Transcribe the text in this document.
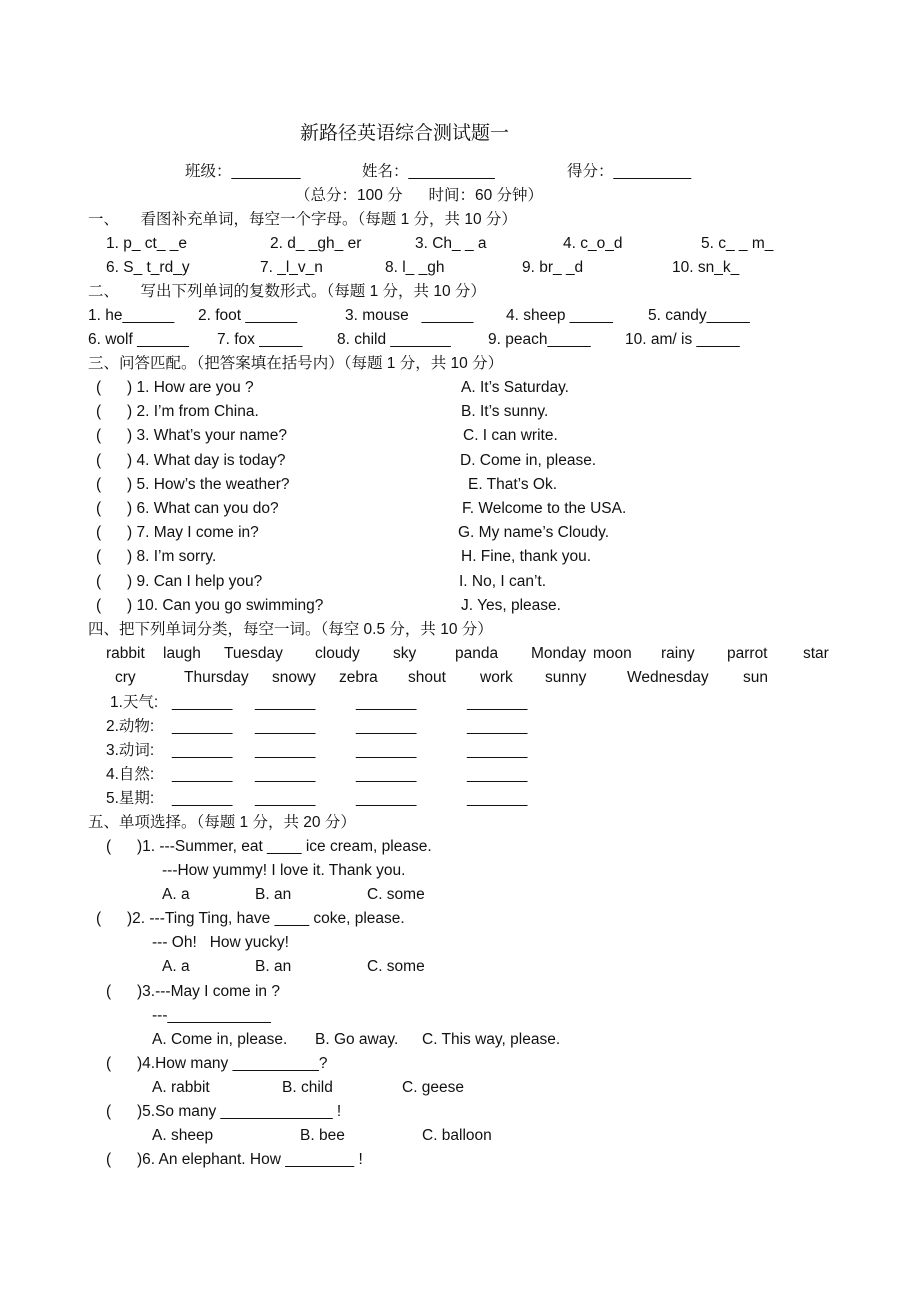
新路径英语综合测试题一
班级：________	姓名：__________	得分：_________
（总分：100 分      时间：60 分钟）
一、     看图补充单词，每空一个字母。（每题 1 分，共 10 分）
二、     写出下列单词的复数形式。（每题 1 分，共 10 分）
三、问答匹配。（把答案填在括号内）（每题 1 分，共 10 分）
四、把下列单词分类，每空一词。（每空 0.5 分，共 10 分）
五、单项选择。（每题 1 分，共 20 分）
1. p_ ct_ _e	2. d_ _gh_ er	3. Ch_ _ a	4. c_o_d	5. c_ _ m_
6. S_ t_rd_y	7. _l_v_n	8. l_ _gh	9. br_ _d	10. sn_k_
1. he______ 2. foot ______	3. mouse   ______ 4. sheep _____ 5. candy_____
6. wolf ______ 7. fox _____ 8. child _______ 9. peach_____ 10. am/ is _____
(      ) 1. How are you ?	A. It’s Saturday.
(      ) 2. I’m from China.	B. It’s sunny.
(      ) 3. What’s your name?	C. I can write.
(      ) 4. What day is today?	D. Come in, please.
(      ) 5. How’s the weather?	E. That’s Ok.
(      ) 6. What can you do?	F. Welcome to the USA.
(      ) 7. May I come in?	G. My name’s Cloudy.
(      ) 8. I’m sorry.	H. Fine, thank you.
(      ) 9. Can I help you?	I. No, I can’t.
(      ) 10. Can you go swimming?	J. Yes, please.
rabbit laugh Tuesday cloudy sky	panda Monday moon rainy parrot star
cry	Thursday snowy zebra shout work sunny	Wednesday sun
1.天气: _______ _______	_______	_______
2.动物: _______ _______	_______	_______
3.动词: _______ _______	_______	_______
4.自然: _______ _______	_______	_______
5.星期: _______ _______	_______	_______
(      )1. ---Summer, eat ____ ice cream, please.
---How yummy! I love it. Thank you.
A. a	B. an	C. some
(      )2. ---Ting Ting, have ____ coke, please.
--- Oh!   How yucky!
A. a	B. an	C. some
(      )3.---May I come in ?
---____________
A. Come in, please. B. Go away. C. This way, please.
(      )4.How many __________?
A. rabbit	B. child	C. geese
(      )5.So many _____________ !
A. sheep	B. bee	C. balloon
(      )6. An elephant. How ________ !
